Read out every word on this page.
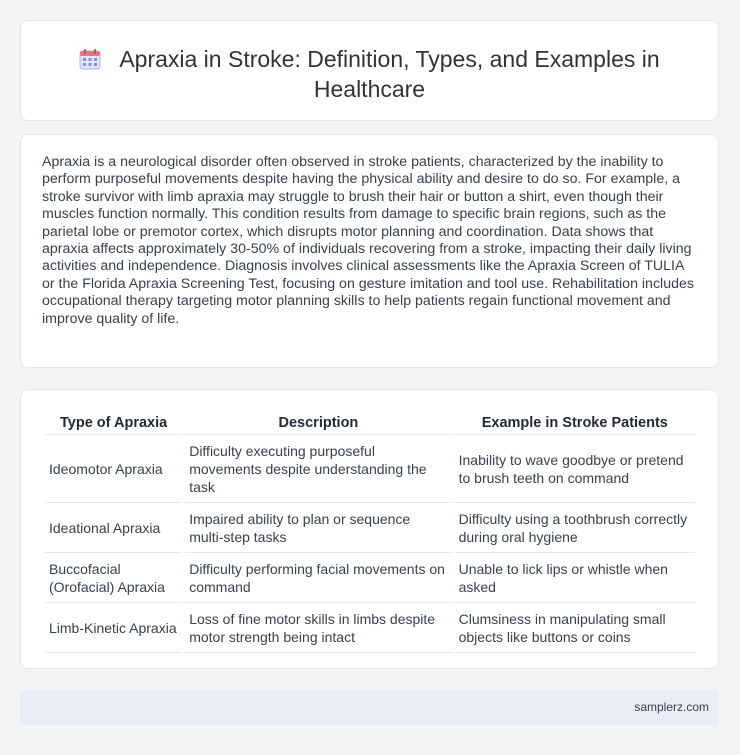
Apraxia in Stroke: Definition, Types, and Examples in Healthcare

Apraxia is a neurological disorder often observed in stroke patients, characterized by the inability to perform purposeful movements despite having the physical ability and desire to do so. For example, a stroke survivor with limb apraxia may struggle to brush their hair or button a shirt, even though their muscles function normally. This condition results from damage to specific brain regions, such as the parietal lobe or premotor cortex, which disrupts motor planning and coordination. Data shows that apraxia affects approximately 30-50% of individuals recovering from a stroke, impacting their daily living activities and independence. Diagnosis involves clinical assessments like the Apraxia Screen of TULIA or the Florida Apraxia Screening Test, focusing on gesture imitation and tool use. Rehabilitation includes occupational therapy targeting motor planning skills to help patients regain functional movement and improve quality of life.

Type of Apraxia	Description	Example in Stroke Patients
Ideomotor Apraxia	Difficulty executing purposeful movements despite understanding the task	Inability to wave goodbye or pretend to brush teeth on command
Ideational Apraxia	Impaired ability to plan or sequence multi-step tasks	Difficulty using a toothbrush correctly during oral hygiene
Buccofacial (Orofacial) Apraxia	Difficulty performing facial movements on command	Unable to lick lips or whistle when asked
Limb-Kinetic Apraxia	Loss of fine motor skills in limbs despite motor strength being intact	Clumsiness in manipulating small objects like buttons or coins
samplerz.com
